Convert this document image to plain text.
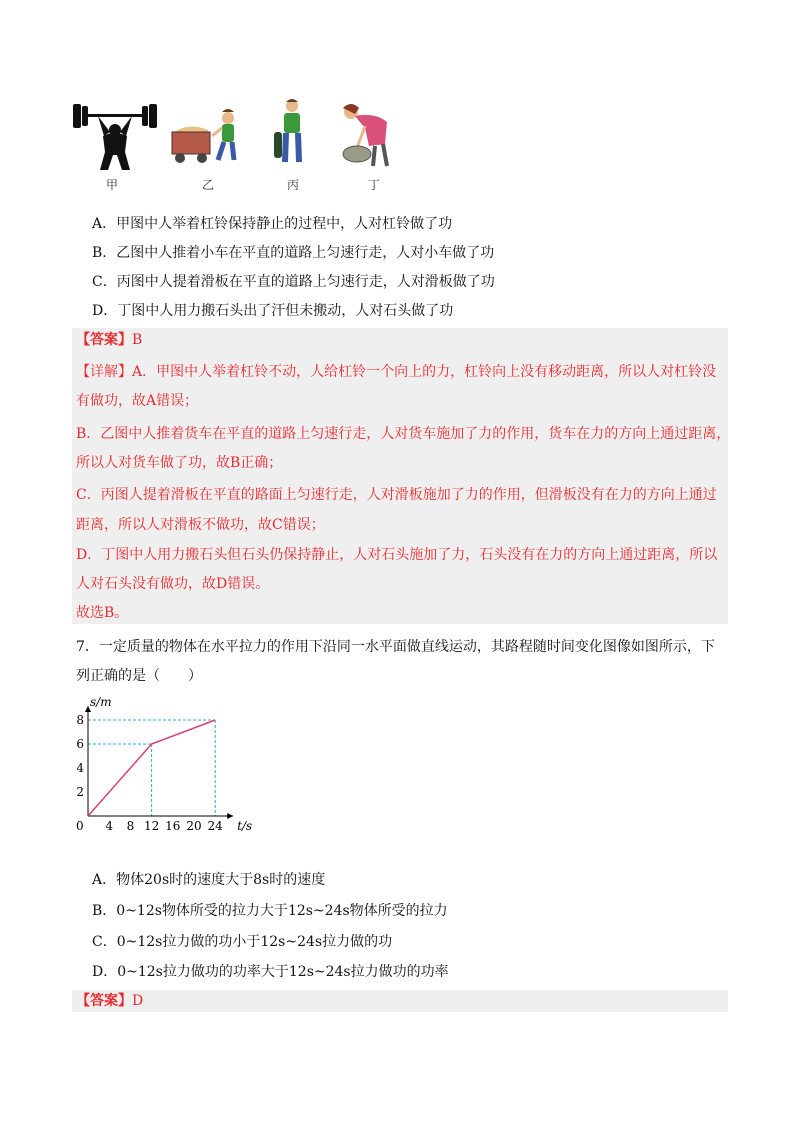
甲	乙	丙	丁
A．甲图中人举着杠铃保持静止的过程中，人对杠铃做了功
B．乙图中人推着小车在平直的道路上匀速行走，人对小车做了功
C．丙图中人提着滑板在平直的道路上匀速行走，人对滑板做了功
D．丁图中人用力搬石头出了汗但未搬动，人对石头做了功
【答案】B
【详解】A．甲图中人举着杠铃不动，人给杠铃一个向上的力，杠铃向上没有移动距离，所以人对杠铃没
有做功，故A错误；
B．乙图中人推着货车在平直的道路上匀速行走，人对货车施加了力的作用，货车在力的方向上通过距离，
所以人对货车做了功，故B正确；
C．丙图人提着滑板在平直的路面上匀速行走，人对滑板施加了力的作用，但滑板没有在力的方向上通过
距离，所以人对滑板不做功，故C错误；
D．丁图中人用力搬石头但石头仍保持静止，人对石头施加了力，石头没有在力的方向上通过距离，所以
人对石头没有做功，故D错误。
故选B。
7．一定质量的物体在水平拉力的作用下沿同一水平面做直线运动，其路程随时间变化图像如图所示，下
列正确的是（　　）
t/s
s/m
0 4 8 12 16 20 24
2
4
6
8
A．物体20s时的速度大于8s时的速度
B．0~12s物体所受的拉力大于12s~24s物体所受的拉力
C．0~12s拉力做的功小于12s~24s拉力做的功
D．0~12s拉力做功的功率大于12s~24s拉力做功的功率
【答案】D
